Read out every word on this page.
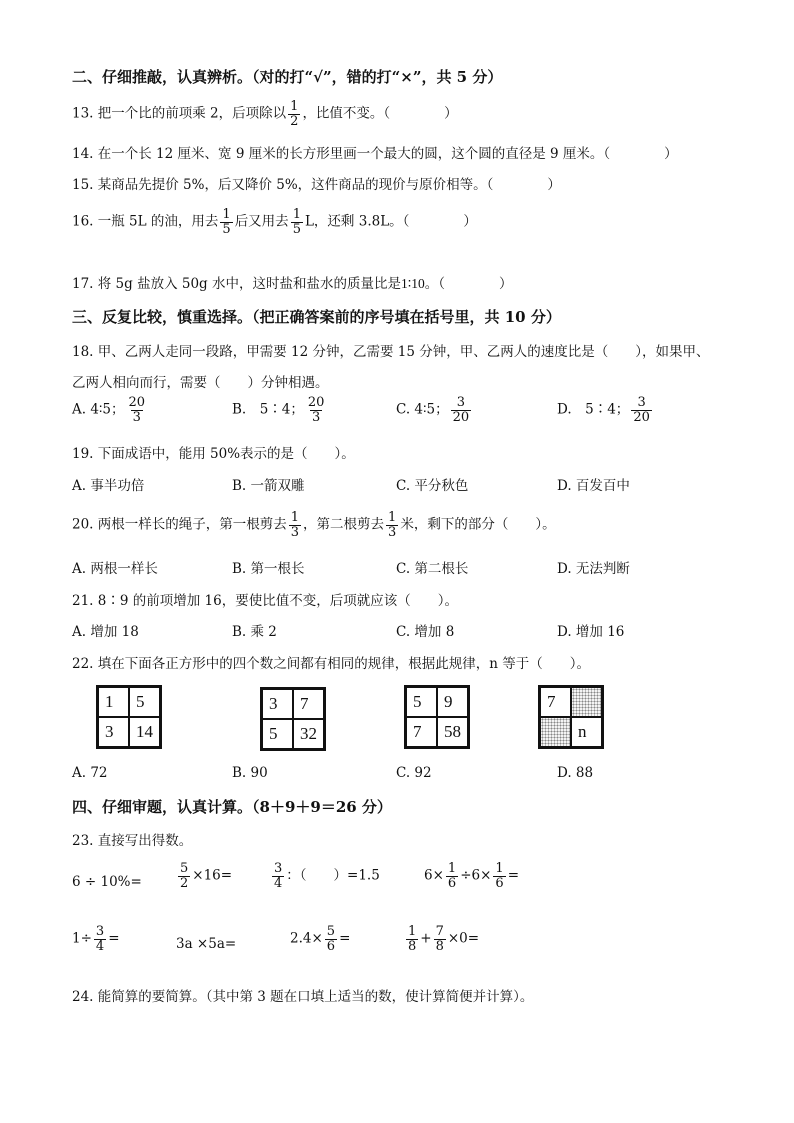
二、仔细推敲，认真辨析。（对的打“√”，错的打“×”，共 5 分）
13. 把一个比的前项乘 2，后项除以 $\frac{1}{2}$ ，比值不变。（　　　　）
14. 在一个长 12 厘米、宽 9 厘米的长方形里画一个最大的圆，这个圆的直径是 9 厘米。（　　　　）
15. 某商品先提价 5%，后又降价 5%，这件商品的现价与原价相等。（　　　　）
16. 一瓶 5L 的油，用去 $\frac{1}{5}$ 后又用去 $\frac{1}{5}$ L，还剩 3.8L。（　　　　）
17. 将 5g 盐放入 50g 水中，这时盐和盐水的质量比是1∶10。（　　　　）
三、反复比较，慎重选择。（把正确答案前的序号填在括号里，共 10 分）
18. 甲、乙两人走同一段路，甲需要 12 分钟，乙需要 15 分钟，甲、乙两人的速度比是（　　），如果甲、
乙两人相向而行，需要（　　）分钟相遇。
A. 4∶5； $\frac{20}{3}$	B.　5∶4； $\frac{20}{3}$	C. 4∶5； $\frac{3}{20}$	D.　5∶4； $\frac{3}{20}$
19. 下面成语中，能用 50%表示的是（　　）。
A. 事半功倍	B. 一箭双雕	C. 平分秋色	D. 百发百中
20. 两根一样长的绳子，第一根剪去 $\frac{1}{3}$ ，第二根剪去 $\frac{1}{3}$ 米，剩下的部分（　　）。
A. 两根一样长	B. 第一根长	C. 第二根长	D. 无法判断
21. 8∶9 的前项增加 16，要使比值不变，后项就应该（　　）。
A. 增加 18	B. 乘 2	C. 增加 8	D. 增加 16
22. 填在下面各正方形中的四个数之间都有相同的规律，根据此规律，n 等于（　　）。
1	5
3	14
3	7
5	32
5	9
7	58
7
n
A. 72	B. 90	C. 92	D. 88
四、仔细审题，认真计算。（8＋9＋9＝26 分）
23. 直接写出得数。
6 ÷ 10%=	$\frac{5}{2} \times 16=$	$\frac{3}{4}$ ：（　　）=1.5	$6\times \frac{1}{6} \div 6\times \frac{1}{6}$ =
$1\div \frac{3}{4}$ =	3a ×5a=	$2.4\times \frac{5}{6}$ =	$\frac{1}{8} + \frac{7}{8} \times 0=$
24. 能简算的要简算。（其中第 3 题在口填上适当的数，使计算简便并计算）。
